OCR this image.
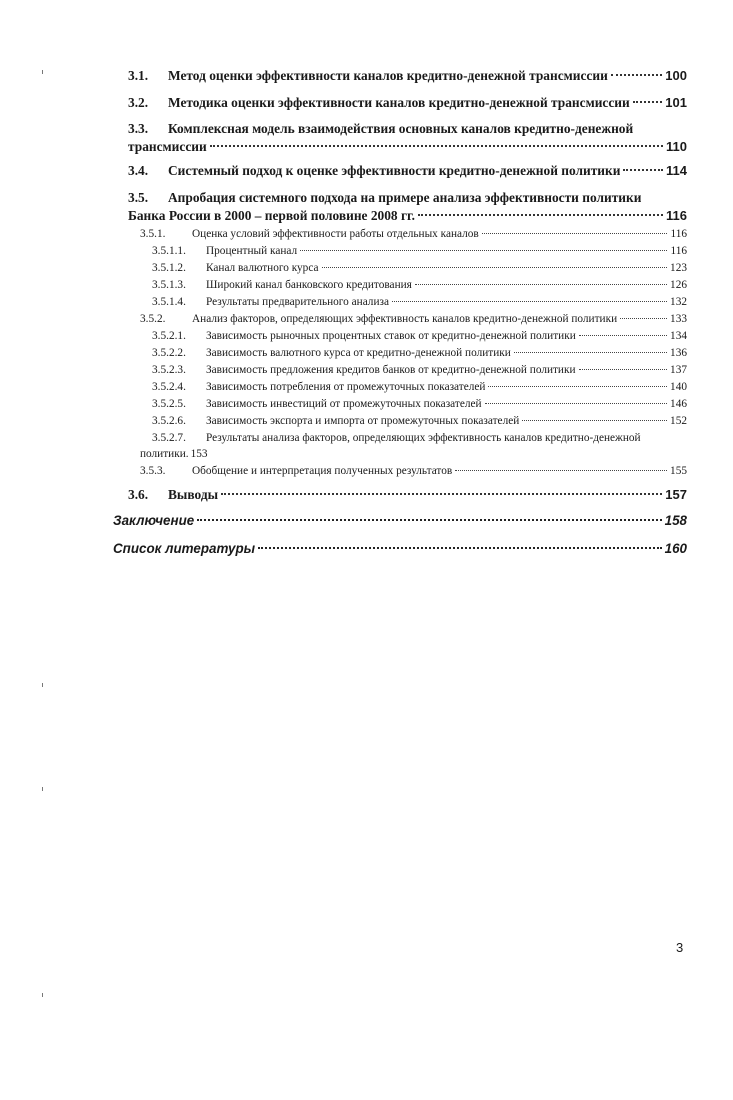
3.1.	Метод оценки эффективности каналов кредитно-денежной трансмиссии	100
3.2.	Методика оценки эффективности каналов кредитно-денежной трансмиссии	101
3.3.	Комплексная модель взаимодействия основных каналов кредитно-денежной
трансмиссии	110
3.4.	Системный подход к оценке эффективности кредитно-денежной политики	114
3.5.	Апробация системного подхода на примере анализа эффективности политики
Банка России в 2000 – первой половине 2008 гг.	116
3.5.1.	Оценка условий эффективности работы отдельных каналов	116
3.5.1.1.	Процентный канал	116
3.5.1.2.	Канал валютного курса	123
3.5.1.3.	Широкий канал банковского кредитования	126
3.5.1.4.	Результаты предварительного анализа	132
3.5.2.	Анализ факторов, определяющих эффективность каналов кредитно-денежной политики	133
3.5.2.1.	Зависимость рыночных процентных ставок от кредитно-денежной политики	134
3.5.2.2.	Зависимость валютного курса от кредитно-денежной политики	136
3.5.2.3.	Зависимость предложения кредитов банков от кредитно-денежной политики	137
3.5.2.4.	Зависимость потребления от промежуточных показателей	140
3.5.2.5.	Зависимость инвестиций от промежуточных показателей	146
3.5.2.6.	Зависимость экспорта и импорта от промежуточных показателей	152
3.5.2.7.	Результаты анализа факторов, определяющих эффективность каналов кредитно-денежной
политики. 153
3.5.3.	Обобщение и интерпретация полученных результатов	155
3.6.	Выводы	157
Заключение	158
Список литературы	160
3
